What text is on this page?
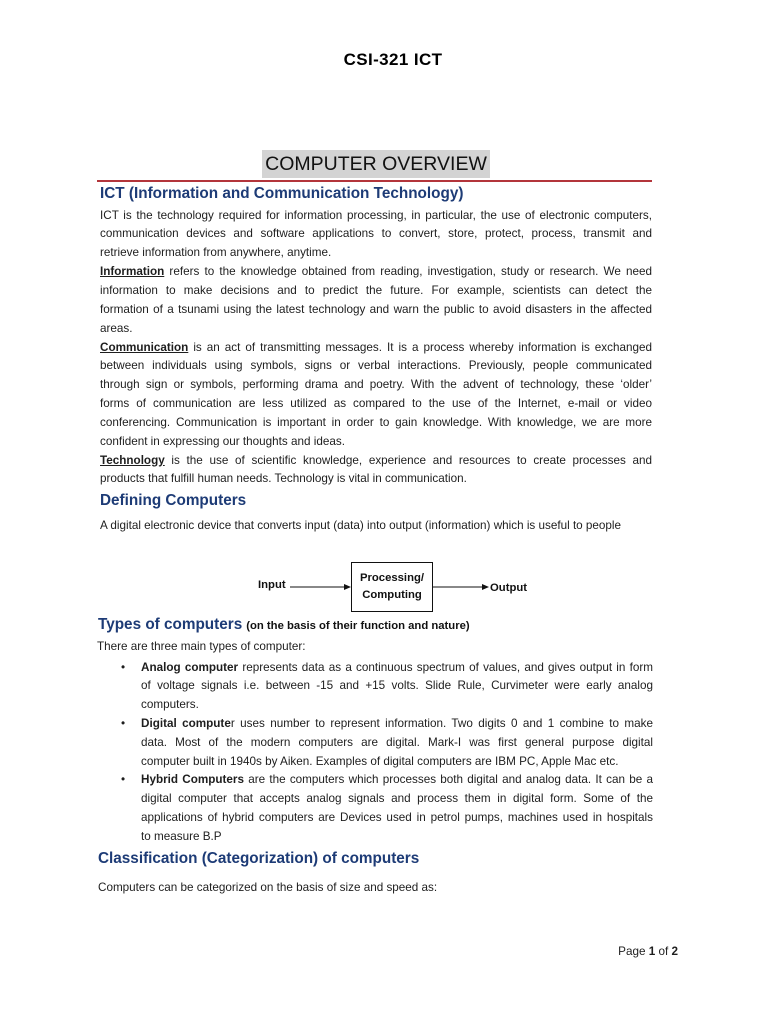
CSI-321 ICT
COMPUTER OVERVIEW
ICT (Information and Communication Technology)
ICT is the technology required for information processing, in particular, the use of electronic computers,
communication devices and software applications to convert, store, protect, process, transmit and
retrieve information from anywhere, anytime.
Information refers to the knowledge obtained from reading, investigation, study or research. We need
information to make decisions and to predict the future. For example, scientists can detect the
formation of a tsunami using the latest technology and warn the public to avoid disasters in the affected
areas.
Communication is an act of transmitting messages. It is a process whereby information is exchanged
between individuals using symbols, signs or verbal interactions. Previously, people communicated
through sign or symbols, performing drama and poetry. With the advent of technology, these ‘older’
forms of communication are less utilized as compared to the use of the Internet, e-mail or video
conferencing. Communication is important in order to gain knowledge. With knowledge, we are more
confident in expressing our thoughts and ideas.
Technology is the use of scientific knowledge, experience and resources to create processes and
products that fulfill human needs. Technology is vital in communication.
Defining Computers
A digital electronic device that converts input (data) into output (information) which is useful to people
Input
Processing/
Computing
Output
Types of computers (on the basis of their function and nature)
There are three main types of computer:
• Analog computer represents data as a continuous spectrum of values, and gives output in form
of voltage signals i.e. between -15 and +15 volts. Slide Rule, Curvimeter were early analog
computers.
• Digital computer uses number to represent information. Two digits 0 and 1 combine to make
data. Most of the modern computers are digital. Mark-I was first general purpose digital
computer built in 1940s by Aiken. Examples of digital computers are IBM PC, Apple Mac etc.
• Hybrid Computers are the computers which processes both digital and analog data. It can be a
digital computer that accepts analog signals and process them in digital form. Some of the
applications of hybrid computers are Devices used in petrol pumps, machines used in hospitals
to measure B.P
Classification (Categorization) of computers
Computers can be categorized on the basis of size and speed as:
Page 1 of 2
